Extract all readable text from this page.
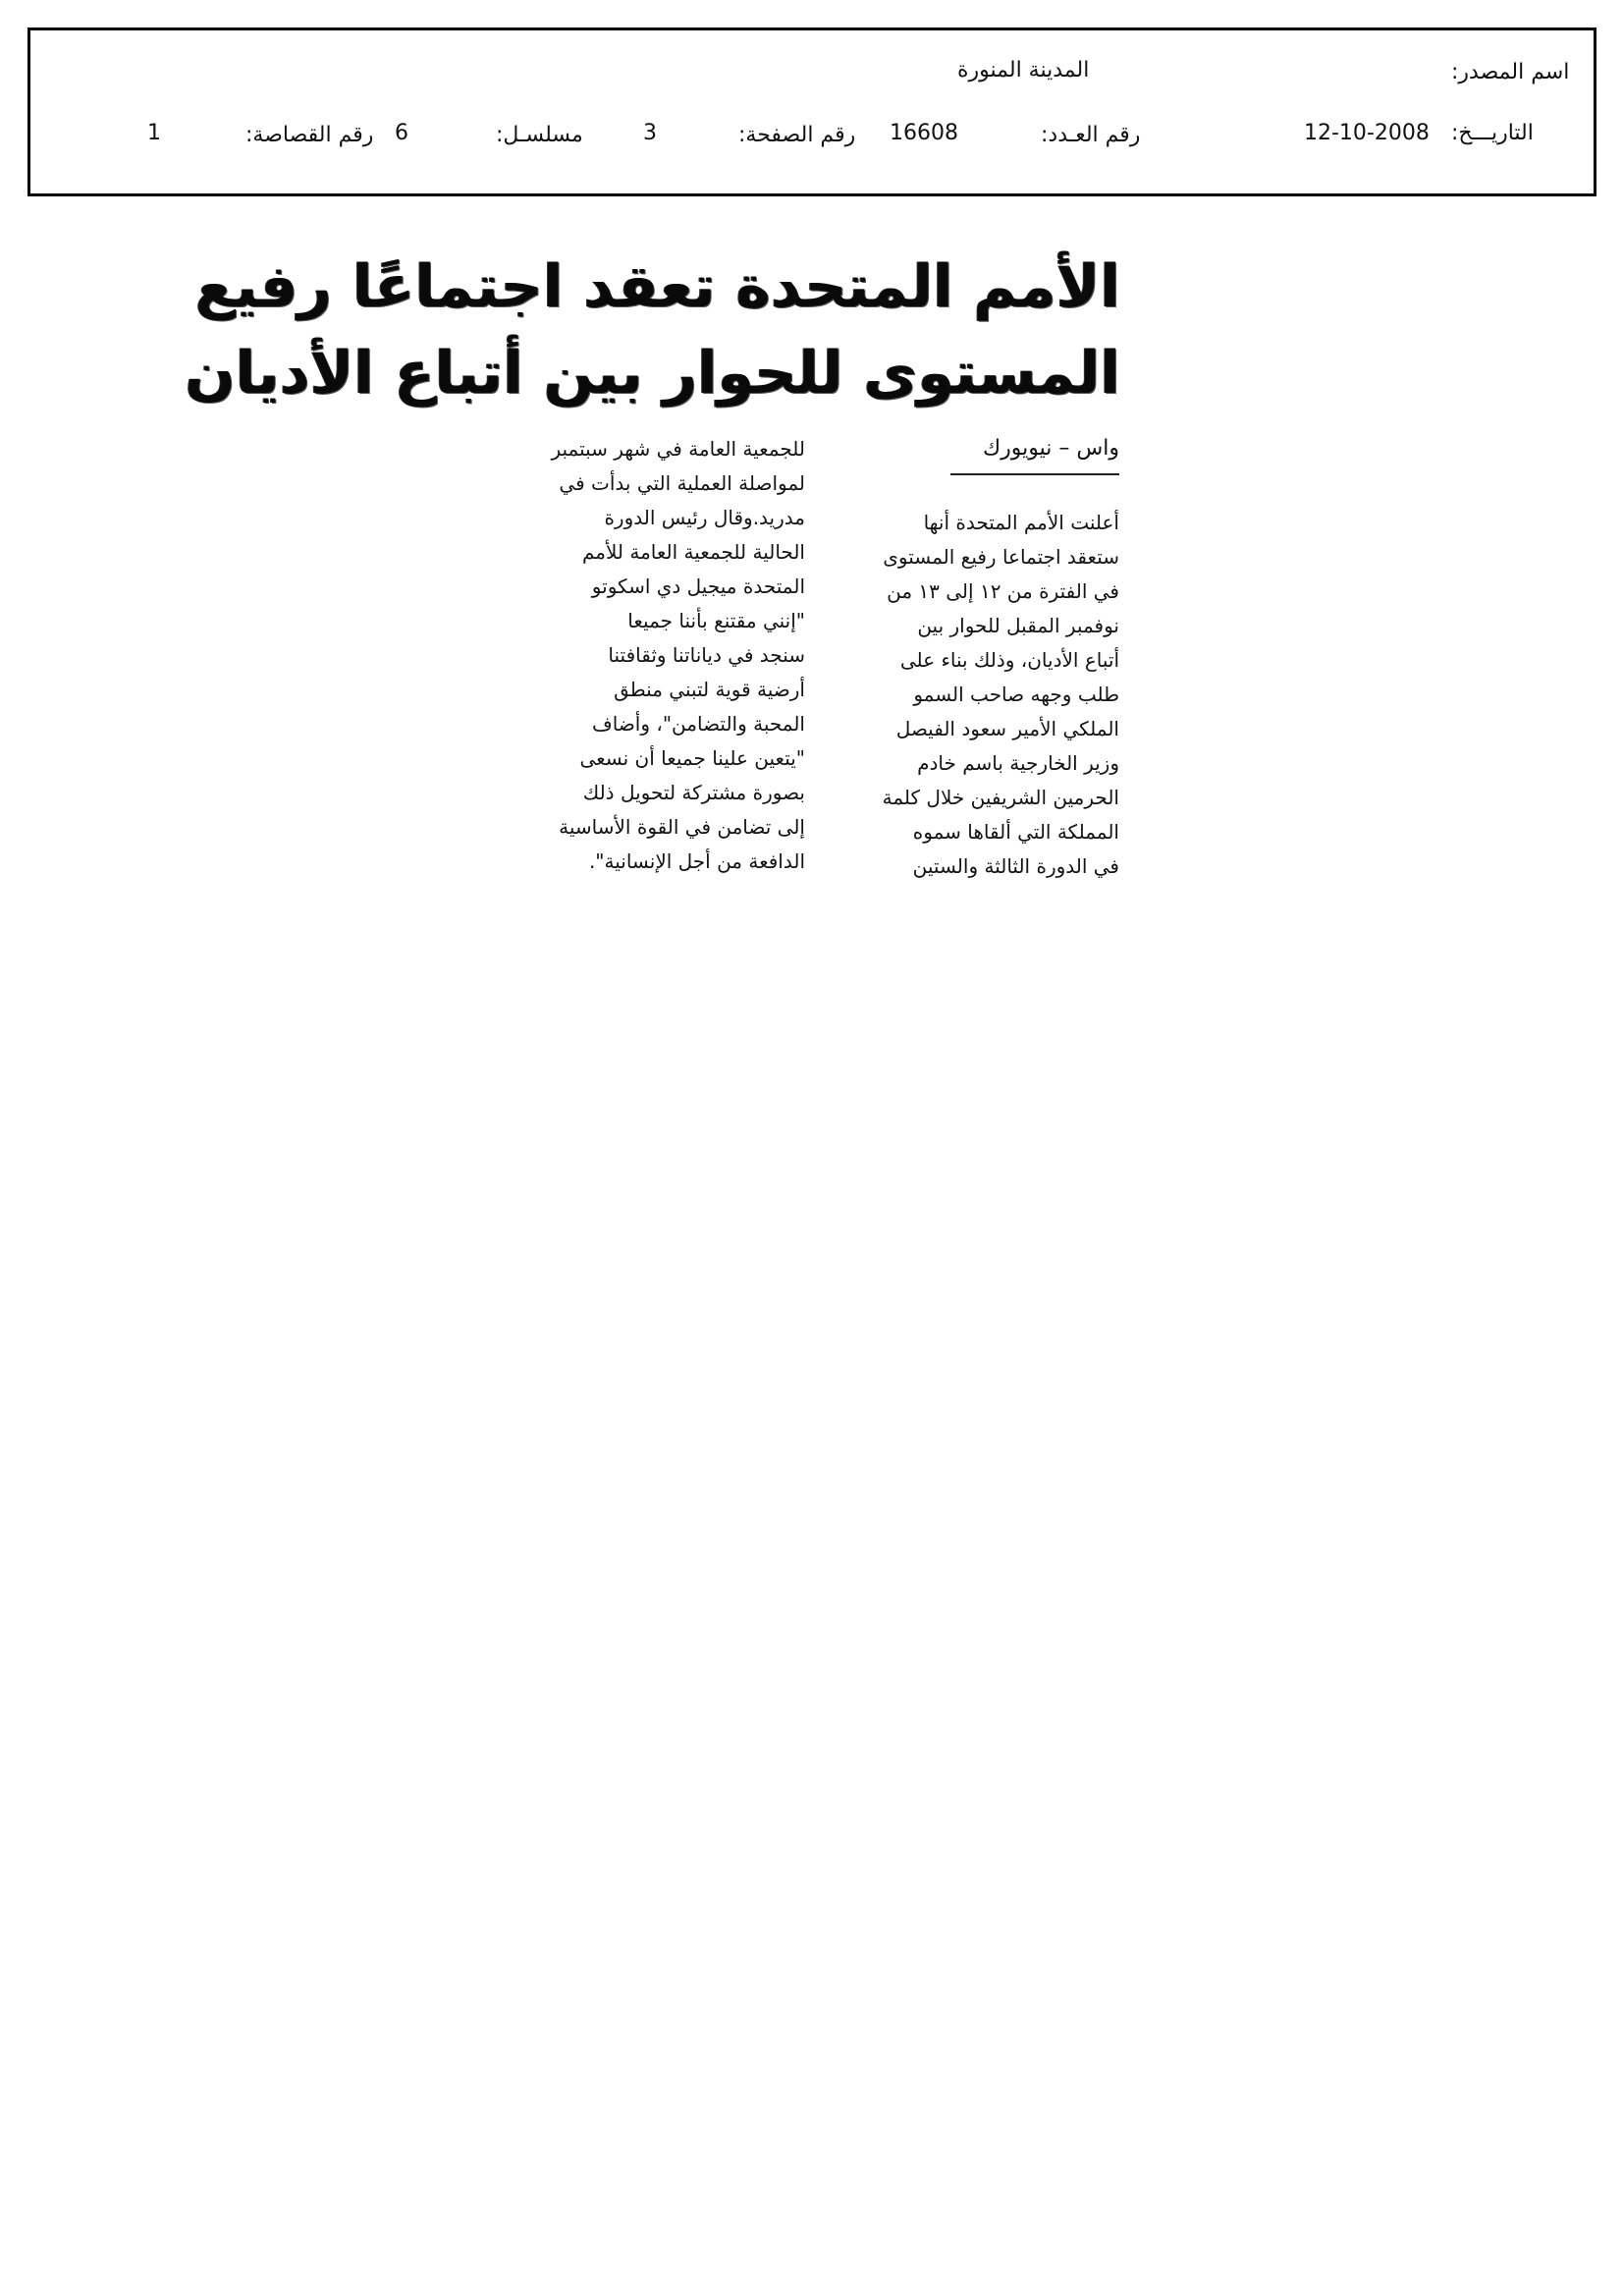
اسم المصدر:
المدينة المنورة
التاريـــخ:
12-10-2008
رقم العـدد:
16608
رقم الصفحة:
3
مسلسـل:
6
رقم القصاصة:
1
الأمم المتحدة تعقد اجتماعًا رفيع
المستوى للحوار بين أتباع الأديان
واس – نيويورك
أعلنت الأمم المتحدة أنها
ستعقد اجتماعا رفيع المستوى
في الفترة من ١٢ إلى ١٣ من
نوفمبر المقبل للحوار بين
أتباع الأديان، وذلك بناء على
طلب وجهه صاحب السمو
الملكي الأمير سعود الفيصل
وزير الخارجية باسم خادم
الحرمين الشريفين خلال كلمة
المملكة التي ألقاها سموه
في الدورة الثالثة والستين
للجمعية العامة في شهر سبتمبر
لمواصلة العملية التي بدأت في
مدريد.وقال رئيس الدورة
الحالية للجمعية العامة للأمم
المتحدة ميجيل دي اسكوتو
"إنني مقتنع بأننا جميعا
سنجد في دياناتنا وثقافتنا
أرضية قوية لتبني منطق
المحبة والتضامن"، وأضاف
"يتعين علينا جميعا أن نسعى
بصورة مشتركة لتحويل ذلك
إلى تضامن في القوة الأساسية
الدافعة من أجل الإنسانية".
